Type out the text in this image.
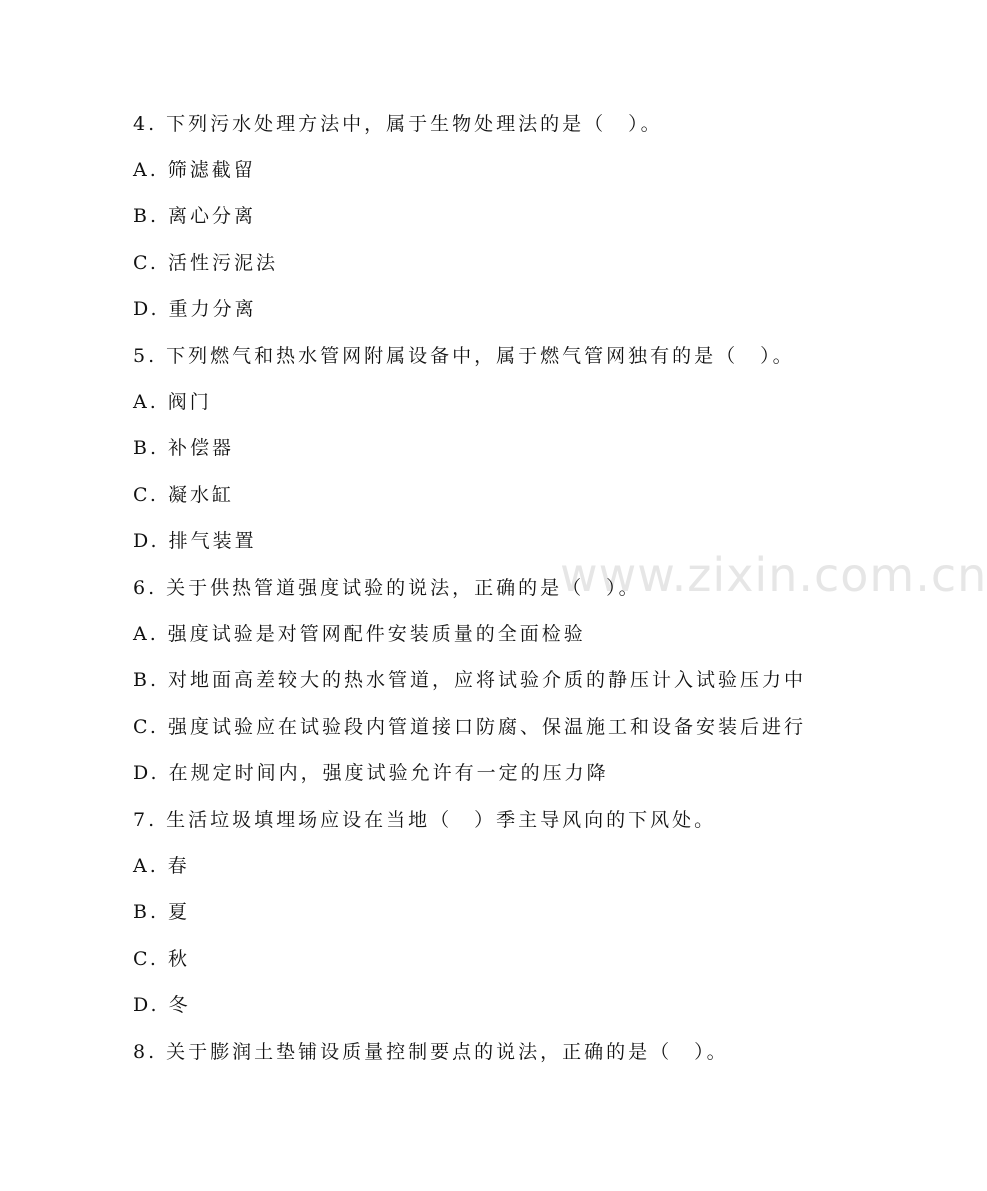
www.zixin.com.cn
4. 下列污水处理方法中，属于生物处理法的是（　）。
A. 筛滤截留
B. 离心分离
C. 活性污泥法
D. 重力分离
5. 下列燃气和热水管网附属设备中，属于燃气管网独有的是（　）。
A. 阀门
B. 补偿器
C. 凝水缸
D. 排气装置
6. 关于供热管道强度试验的说法，正确的是（　）。
A. 强度试验是对管网配件安装质量的全面检验
B. 对地面高差较大的热水管道，应将试验介质的静压计入试验压力中
C. 强度试验应在试验段内管道接口防腐、保温施工和设备安装后进行
D. 在规定时间内，强度试验允许有一定的压力降
7. 生活垃圾填埋场应设在当地（　）季主导风向的下风处。
A. 春
B. 夏
C. 秋
D. 冬
8. 关于膨润土垫铺设质量控制要点的说法，正确的是（　）。
